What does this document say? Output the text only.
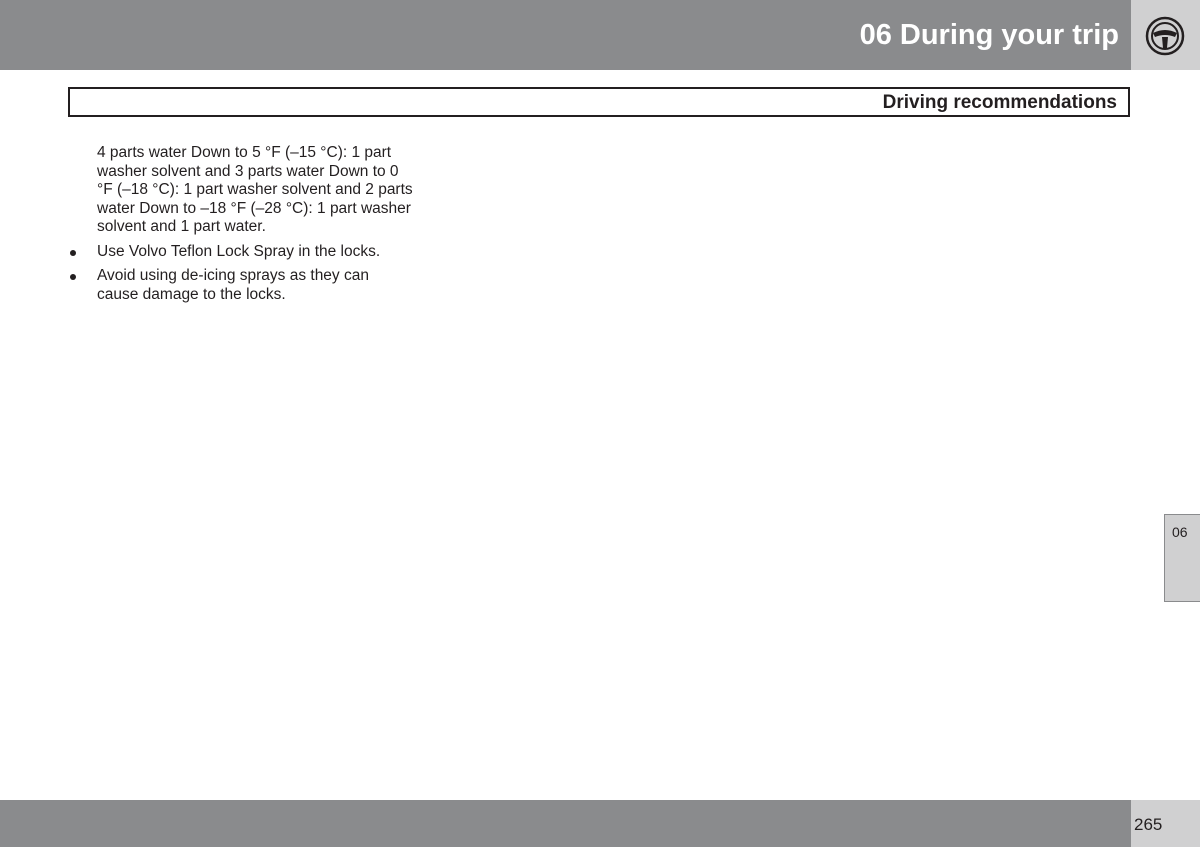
06 During your trip
Driving recommendations

4 parts water Down to 5 °F (–15 °C): 1 part washer solvent and 3 parts water Down to 0 °F (–18 °C): 1 part washer solvent and 2 parts water Down to –18 °F (–28 °C): 1 part washer solvent and 1 part water.

Use Volvo Teflon Lock Spray in the locks.
Avoid using de-icing sprays as they can cause damage to the locks.
06
265
